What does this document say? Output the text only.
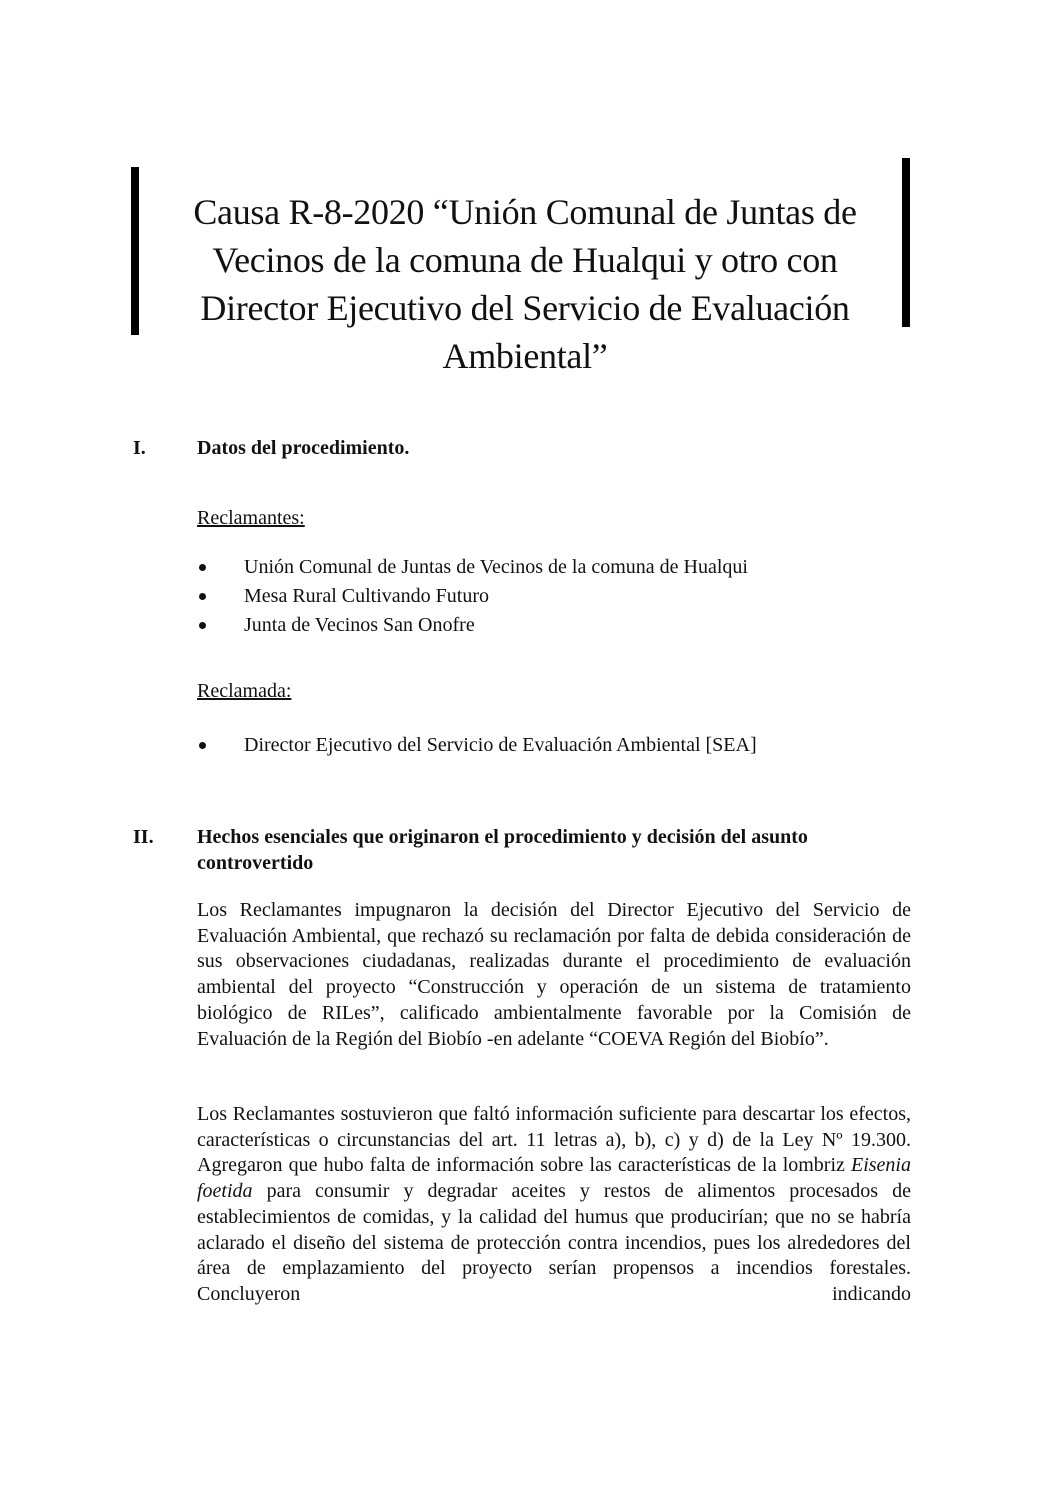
Causa R-8-2020 “Unión Comunal de Juntas de Vecinos de la comuna de Hualqui y otro con Director Ejecutivo del Servicio de Evaluación Ambiental”
I.	Datos del procedimiento.
Reclamantes:
Unión Comunal de Juntas de Vecinos de la comuna de Hualqui
Mesa Rural Cultivando Futuro
Junta de Vecinos San Onofre
Reclamada:
Director Ejecutivo del Servicio de Evaluación Ambiental [SEA]
II. Hechos esenciales que originaron el procedimiento y decisión del asunto controvertido

Los Reclamantes impugnaron la decisión del Director Ejecutivo del Servicio de Evaluación Ambiental, que rechazó su reclamación por falta de debida consideración de sus observaciones ciudadanas, realizadas durante el procedimiento de evaluación ambiental del proyecto “Construcción y operación de un sistema de tratamiento biológico de RILes”, calificado ambientalmente favorable por la Comisión de Evaluación de la Región del Biobío -en adelante “COEVA Región del Biobío”.

Los Reclamantes sostuvieron que faltó información suficiente para descartar los efectos, características o circunstancias del art. 11 letras a), b), c) y d) de la Ley Nº 19.300. Agregaron que hubo falta de información sobre las características de la lombriz Eisenia foetida para consumir y degradar aceites y restos de alimentos procesados de establecimientos de comidas, y la calidad del humus que producirían; que no se habría aclarado el diseño del sistema de protección contra incendios, pues los alrededores del área de emplazamiento del proyecto serían propensos a incendios forestales. Concluyeron indicando
